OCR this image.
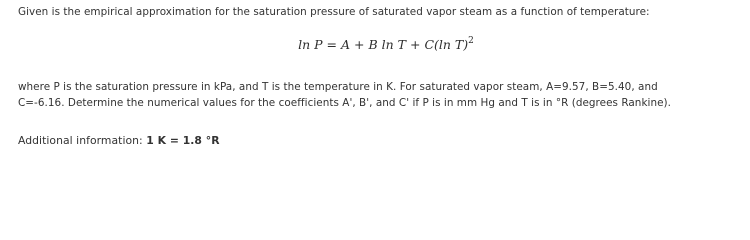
Given is the empirical approximation for the saturation pressure of saturated vapor steam as a function of temperature:
ln P = A + B ln T + C(ln T)$^2$
where P is the saturation pressure in kPa, and T is the temperature in K. For saturated vapor steam, A=9.57, B=5.40, and
C=-6.16. Determine the numerical values for the coefficients A', B', and C' if P is in mm Hg and T is in °R (degrees Rankine).
Additional information: 1 K = 1.8 °R
